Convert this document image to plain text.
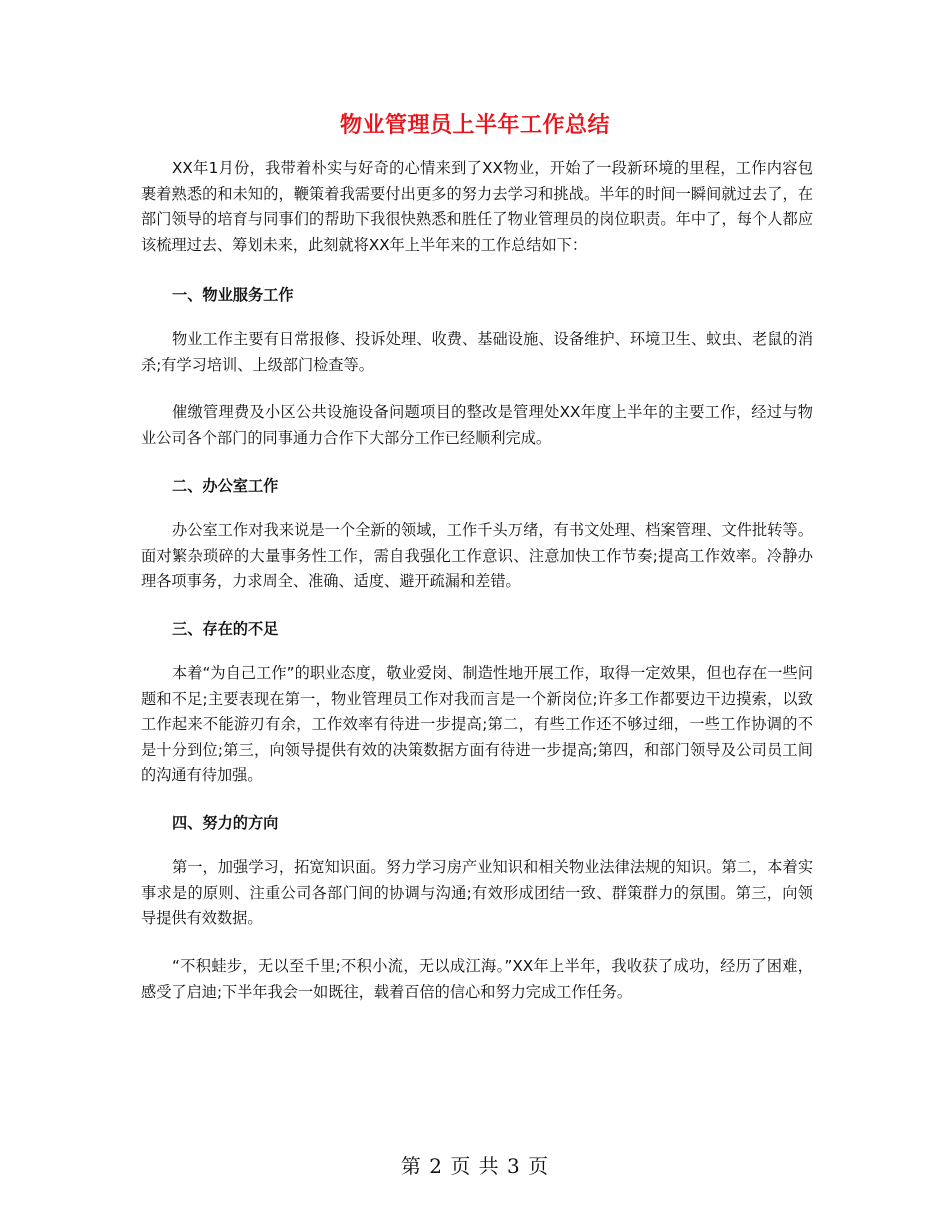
物业管理员上半年工作总结

XX年1月份，我带着朴实与好奇的心情来到了XX物业，开始了一段新环境的里程，工作内容包裹着熟悉的和未知的，鞭策着我需要付出更多的努力去学习和挑战。半年的时间一瞬间就过去了，在部门领导的培育与同事们的帮助下我很快熟悉和胜任了物业管理员的岗位职责。年中了，每个人都应该梳理过去、筹划未来，此刻就将XX年上半年来的工作总结如下：

一、物业服务工作

物业工作主要有日常报修、投诉处理、收费、基础设施、设备维护、环境卫生、蚊虫、老鼠的消杀;有学习培训、上级部门检查等。

催缴管理费及小区公共设施设备问题项目的整改是管理处XX年度上半年的主要工作，经过与物业公司各个部门的同事通力合作下大部分工作已经顺利完成。

二、办公室工作

办公室工作对我来说是一个全新的领域，工作千头万绪，有书文处理、档案管理、文件批转等。面对繁杂琐碎的大量事务性工作，需自我强化工作意识、注意加快工作节奏;提高工作效率。冷静办理各项事务，力求周全、准确、适度、避开疏漏和差错。

三、存在的不足

本着“为自己工作”的职业态度，敬业爱岗、制造性地开展工作，取得一定效果，但也存在一些问题和不足;主要表现在第一，物业管理员工作对我而言是一个新岗位;许多工作都要边干边摸索，以致工作起来不能游刃有余，工作效率有待进一步提高;第二，有些工作还不够过细，一些工作协调的不是十分到位;第三，向领导提供有效的决策数据方面有待进一步提高;第四，和部门领导及公司员工间的沟通有待加强。

四、努力的方向

第一，加强学习，拓宽知识面。努力学习房产业知识和相关物业法律法规的知识。第二，本着实事求是的原则、注重公司各部门间的协调与沟通;有效形成团结一致、群策群力的氛围。第三，向领导提供有效数据。

“不积蛙步，无以至千里;不积小流，无以成江海。”XX年上半年，我收获了成功，经历了困难，感受了启迪;下半年我会一如既往，载着百倍的信心和努力完成工作任务。

第 2 页 共 3 页
